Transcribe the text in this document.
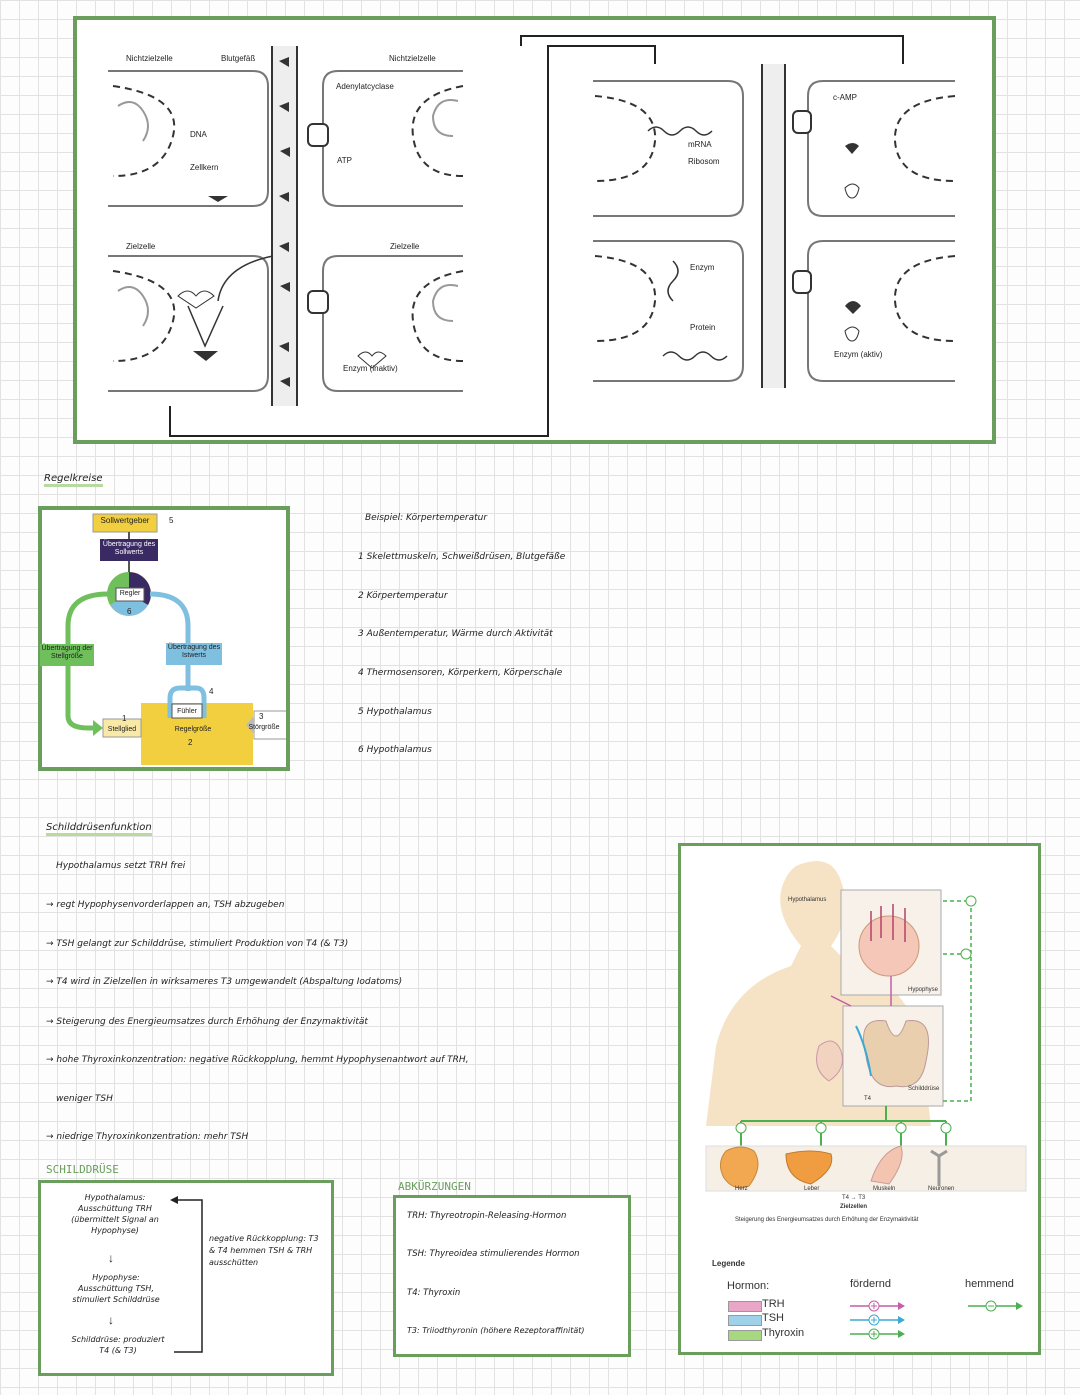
Nichtzielzelle	Blutgefäß	Nichtzielzelle
Adenylatcyclase
DNA
Zellkern
ATP
Zielzelle	Zielzelle
Enzym (inaktiv)
mRNA
Ribosom
Enzym
Protein
c-AMP
Enzym (aktiv)
Regelkreise
Sollwertgeber	5
Übertragung des Sollwerts
Regler
6
Übertragung der Stellgröße
Übertragung des Istwerts
4
Fühler
1
Stellglied	Regelgröße
2
3
Störgröße
Beispiel: Körpertemperatur
1 Skelettmuskeln, Schweißdrüsen, Blutgefäße
2 Körpertemperatur
3 Außentemperatur, Wärme durch Aktivität
4 Thermosensoren, Körperkern, Körperschale
5 Hypothalamus
6 Hypothalamus
Schilddrüsenfunktion
Hypothalamus setzt TRH frei
→ regt Hypophysenvorderlappen an, TSH abzugeben
→ TSH gelangt zur Schilddrüse, stimuliert Produktion von T4 (& T3)
→ T4 wird in Zielzellen in wirksameres T3 umgewandelt (Abspaltung Iodatoms)
→ Steigerung des Energieumsatzes durch Erhöhung der Enzymaktivität
→ hohe Thyroxinkonzentration: negative Rückkopplung, hemmt Hypophysenantwort auf TRH,
weniger TSH
→ niedrige Thyroxinkonzentration: mehr TSH
SCHILDDRÜSE
Hypothalamus: Ausschüttung TRH (übermittelt Signal an Hypophyse)
↓
Hypophyse: Ausschüttung TSH, stimuliert Schilddrüse
↓
Schilddrüse: produziert T4 (& T3)
negative Rückkopplung: T3 & T4 hemmen TSH & TRH ausschütten
ABKÜRZUNGEN
TRH: Thyreotropin-Releasing-Hormon
TSH: Thyreoidea stimulierendes Hormon
T4: Thyroxin
T3: Triiodthyronin (höhere Rezeptoraffinität)
Hypothalamus
Hypophyse
Schilddrüse
T4
Herz	Leber	Muskeln	Neuronen
T4 → T3
Zielzellen
Steigerung des Energieumsatzes durch Erhöhung der Enzymaktivität
Legende
Hormon:	fördernd	hemmend
TRH
TSH
Thyroxin
